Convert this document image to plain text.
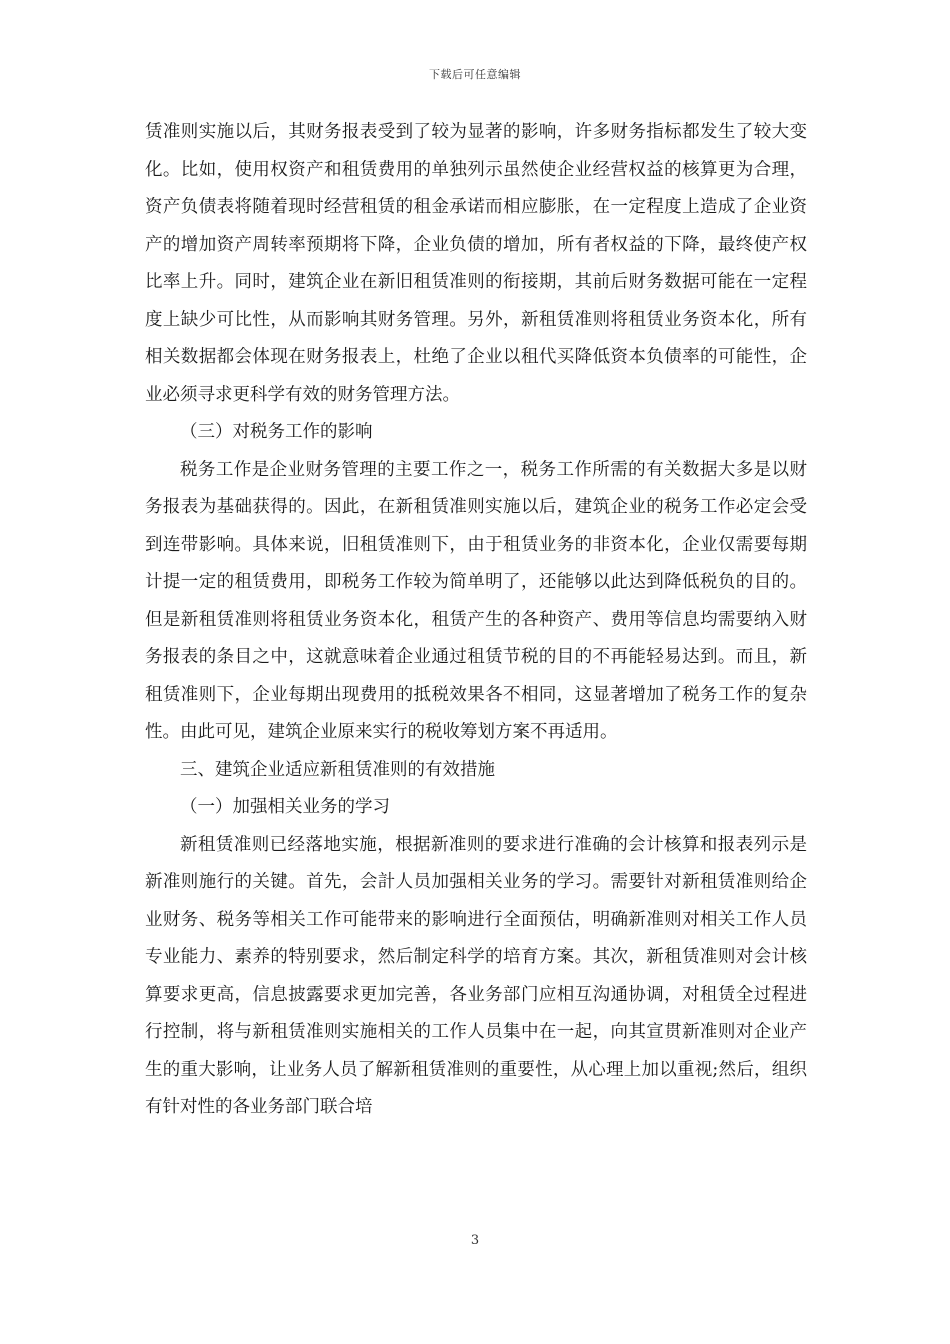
下载后可任意编辑

赁准则实施以后，其财务报表受到了较为显著的影响，许多财务指标都发生了较大变化。比如，使用权资产和租赁费用的单独列示虽然使企业经营权益的核算更为合理，资产负债表将随着现时经营租赁的租金承诺而相应膨胀，在一定程度上造成了企业资产的增加资产周转率预期将下降，企业负债的增加，所有者权益的下降，最终使产权比率上升。同时，建筑企业在新旧租赁准则的衔接期，其前后财务数据可能在一定程度上缺少可比性，从而影响其财务管理。另外，新租赁准则将租赁业务资本化，所有相关数据都会体现在财务报表上，杜绝了企业以租代买降低资本负债率的可能性，企业必须寻求更科学有效的财务管理方法。

（三）对税务工作的影响

税务工作是企业财务管理的主要工作之一，税务工作所需的有关数据大多是以财务报表为基础获得的。因此，在新租赁准则实施以后，建筑企业的税务工作必定会受到连带影响。具体来说，旧租赁准则下，由于租赁业务的非资本化，企业仅需要每期计提一定的租赁费用，即税务工作较为简单明了，还能够以此达到降低税负的目的。但是新租赁准则将租赁业务资本化，租赁产生的各种资产、费用等信息均需要纳入财务报表的条目之中，这就意味着企业通过租赁节税的目的不再能轻易达到。而且，新租赁准则下，企业每期出现费用的抵税效果各不相同，这显著增加了税务工作的复杂性。由此可见，建筑企业原来实行的税收筹划方案不再适用。

三、建筑企业适应新租赁准则的有效措施

（一）加强相关业务的学习

新租赁准则已经落地实施，根据新准则的要求进行准确的会计核算和报表列示是新准则施行的关键。首先，会計人员加强相关业务的学习。需要针对新租赁准则给企业财务、税务等相关工作可能带来的影响进行全面预估，明确新准则对相关工作人员专业能力、素养的特别要求，然后制定科学的培育方案。其次，新租赁准则对会计核算要求更高，信息披露要求更加完善，各业务部门应相互沟通协调，对租赁全过程进行控制，将与新租赁准则实施相关的工作人员集中在一起，向其宣贯新准则对企业产生的重大影响，让业务人员了解新租赁准则的重要性，从心理上加以重视;然后，组织有针对性的各业务部门联合培

3
